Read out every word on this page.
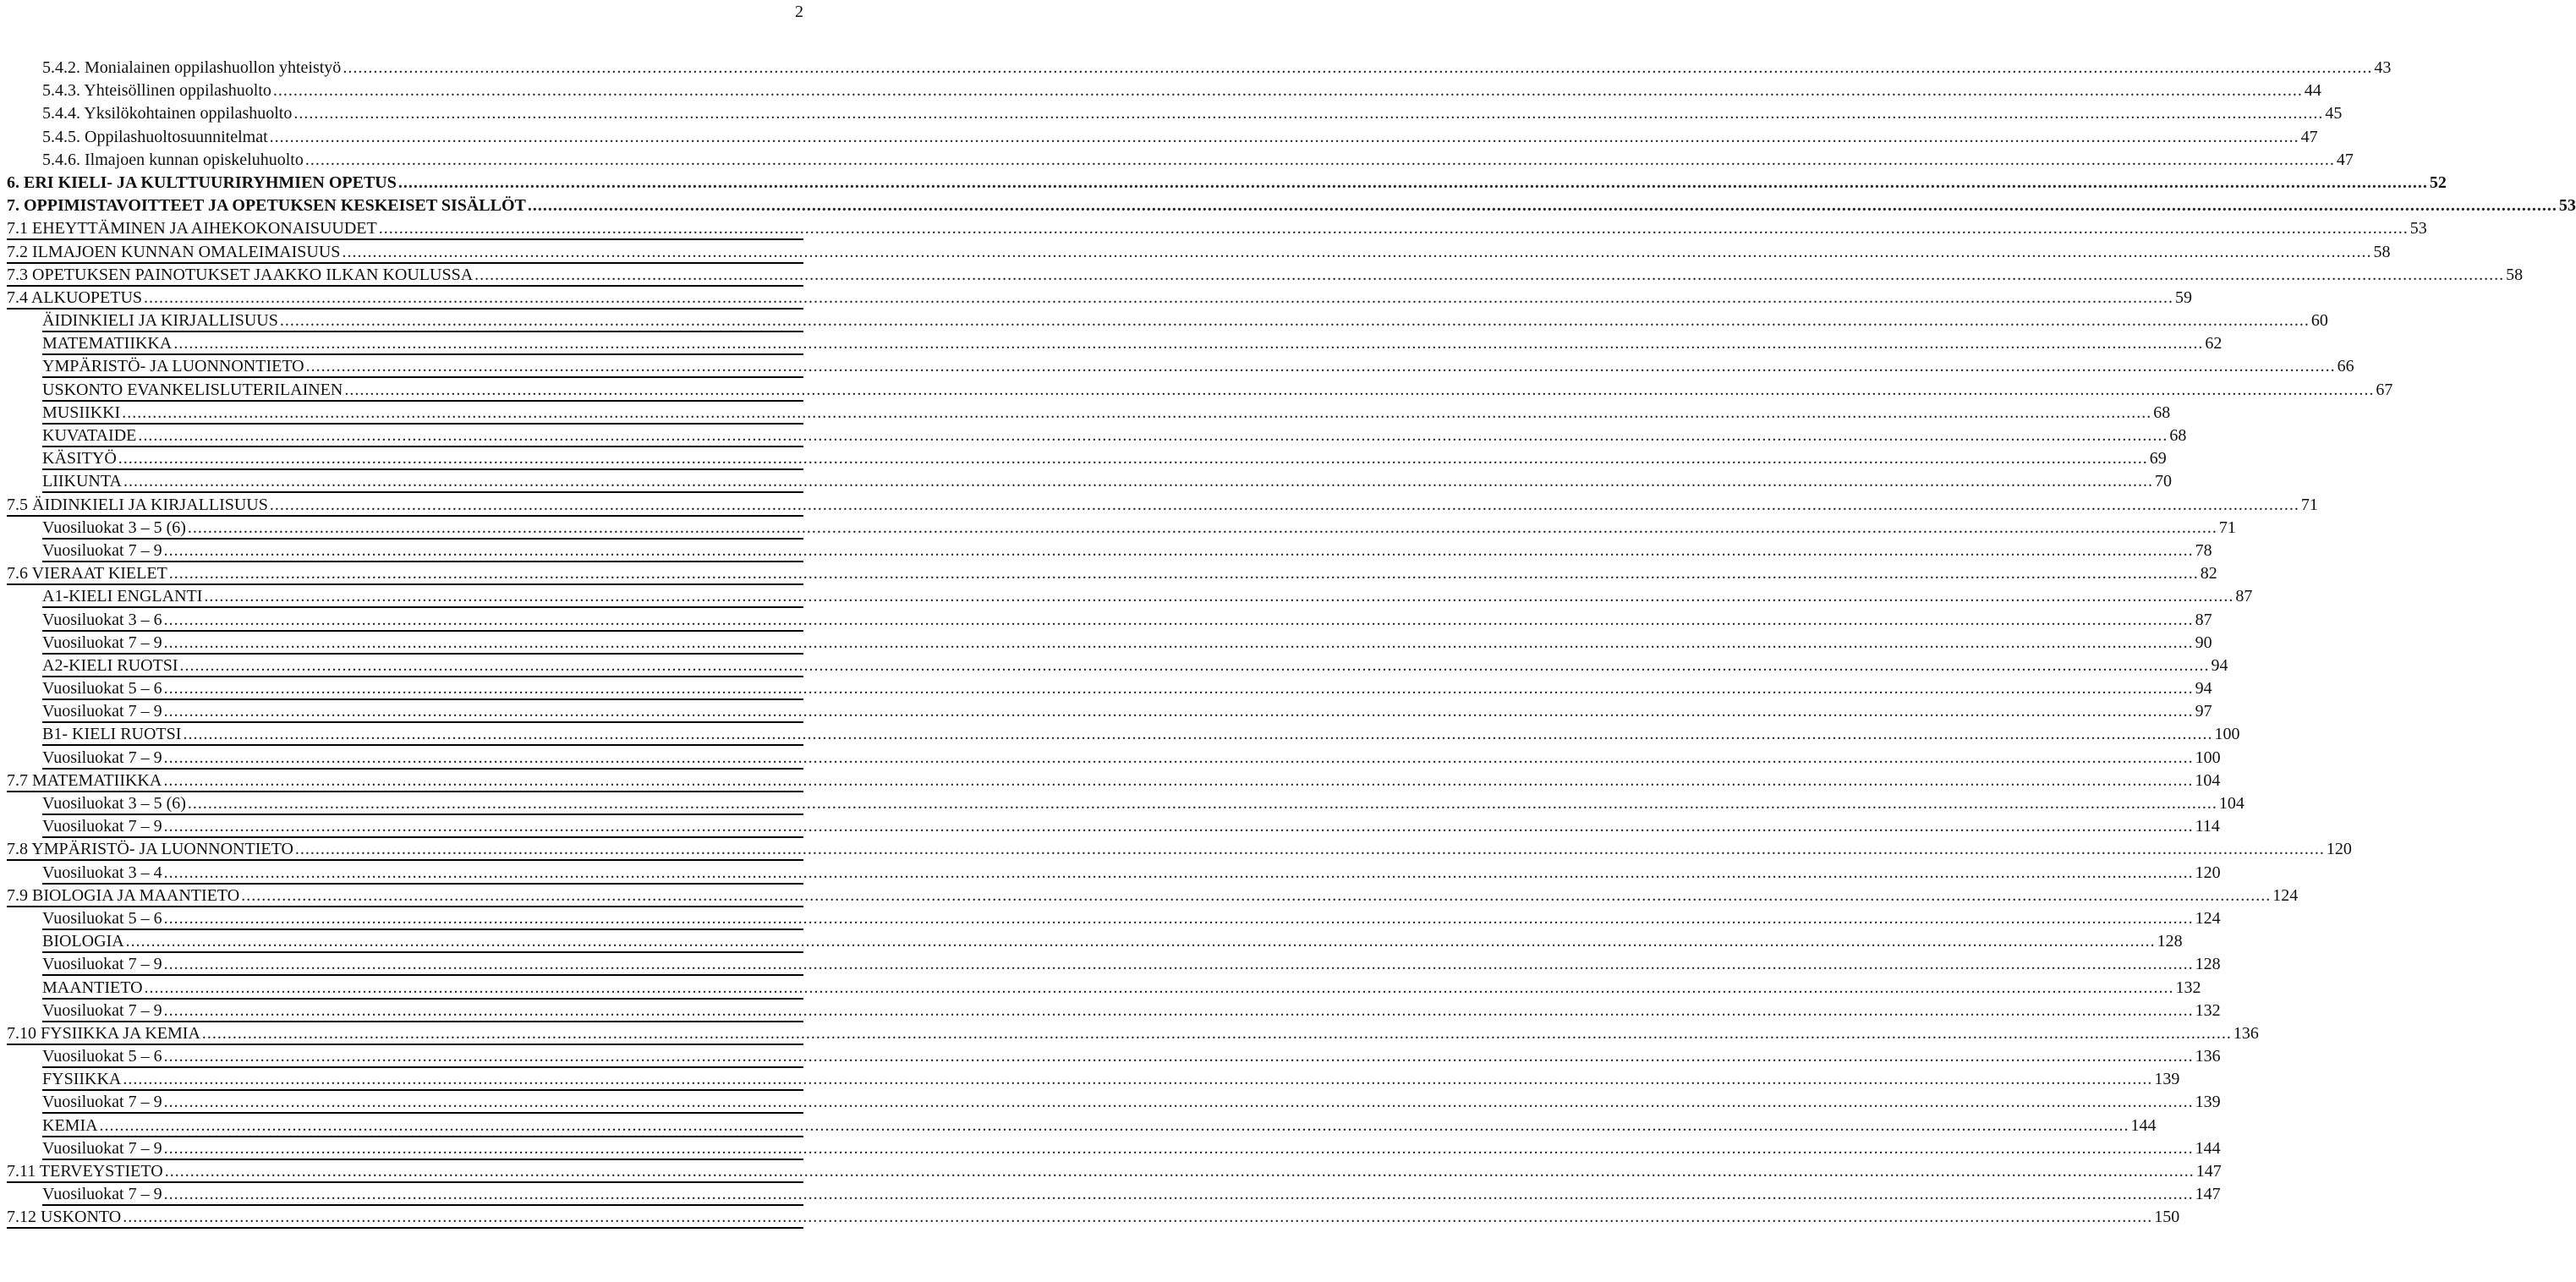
2
5.4.2. Monialainen oppilashuollon yhteistyö ................................................................................................................................................................................................................................................................................................................................................................................................................ 43
5.4.3. Yhteisöllinen oppilashuolto ................................................................................................................................................................................................................................................................................................................................................................................................................ 44
5.4.4. Yksilökohtainen oppilashuolto ................................................................................................................................................................................................................................................................................................................................................................................................................ 45
5.4.5. Oppilashuoltosuunnitelmat ................................................................................................................................................................................................................................................................................................................................................................................................................ 47
5.4.6. Ilmajoen kunnan opiskeluhuolto ................................................................................................................................................................................................................................................................................................................................................................................................................ 47
6. ERI KIELI- JA KULTTUURIRYHMIEN OPETUS ................................................................................................................................................................................................................................................................................................................................................................................................................ 52
7. OPPIMISTAVOITTEET JA OPETUKSEN KESKEISET SISÄLLÖT ................................................................................................................................................................................................................................................................................................................................................................................................................ 53
7.1 EHEYTTÄMINEN JA AIHEKOKONAISUUDET ................................................................................................................................................................................................................................................................................................................................................................................................................ 53
7.2 ILMAJOEN KUNNAN OMALEIMAISUUS ................................................................................................................................................................................................................................................................................................................................................................................................................ 58
7.3 OPETUKSEN PAINOTUKSET JAAKKO ILKAN KOULUSSA ................................................................................................................................................................................................................................................................................................................................................................................................................ 58
7.4 ALKUOPETUS ................................................................................................................................................................................................................................................................................................................................................................................................................ 59
ÄIDINKIELI JA KIRJALLISUUS ................................................................................................................................................................................................................................................................................................................................................................................................................ 60
MATEMATIIKKA ................................................................................................................................................................................................................................................................................................................................................................................................................ 62
YMPÄRISTÖ- JA LUONNONTIETO ................................................................................................................................................................................................................................................................................................................................................................................................................ 66
USKONTO EVANKELISLUTERILAINEN ................................................................................................................................................................................................................................................................................................................................................................................................................ 67
MUSIIKKI ................................................................................................................................................................................................................................................................................................................................................................................................................ 68
KUVATAIDE ................................................................................................................................................................................................................................................................................................................................................................................................................ 68
KÄSITYÖ ................................................................................................................................................................................................................................................................................................................................................................................................................ 69
LIIKUNTA ................................................................................................................................................................................................................................................................................................................................................................................................................ 70
7.5 ÄIDINKIELI JA KIRJALLISUUS ................................................................................................................................................................................................................................................................................................................................................................................................................ 71
Vuosiluokat 3 – 5 (6) ................................................................................................................................................................................................................................................................................................................................................................................................................ 71
Vuosiluokat 7 – 9 ................................................................................................................................................................................................................................................................................................................................................................................................................ 78
7.6 VIERAAT KIELET ................................................................................................................................................................................................................................................................................................................................................................................................................ 82
A1-KIELI ENGLANTI ................................................................................................................................................................................................................................................................................................................................................................................................................ 87
Vuosiluokat 3 – 6 ................................................................................................................................................................................................................................................................................................................................................................................................................ 87
Vuosiluokat 7 – 9 ................................................................................................................................................................................................................................................................................................................................................................................................................ 90
A2-KIELI RUOTSI ................................................................................................................................................................................................................................................................................................................................................................................................................ 94
Vuosiluokat 5 – 6 ................................................................................................................................................................................................................................................................................................................................................................................................................ 94
Vuosiluokat 7 – 9 ................................................................................................................................................................................................................................................................................................................................................................................................................ 97
B1- KIELI RUOTSI ................................................................................................................................................................................................................................................................................................................................................................................................................ 100
Vuosiluokat 7 – 9 ................................................................................................................................................................................................................................................................................................................................................................................................................ 100
7.7 MATEMATIIKKA ................................................................................................................................................................................................................................................................................................................................................................................................................ 104
Vuosiluokat 3 – 5 (6) ................................................................................................................................................................................................................................................................................................................................................................................................................ 104
Vuosiluokat 7 – 9 ................................................................................................................................................................................................................................................................................................................................................................................................................ 114
7.8 YMPÄRISTÖ- JA LUONNONTIETO ................................................................................................................................................................................................................................................................................................................................................................................................................ 120
Vuosiluokat 3 – 4 ................................................................................................................................................................................................................................................................................................................................................................................................................ 120
7.9 BIOLOGIA JA MAANTIETO ................................................................................................................................................................................................................................................................................................................................................................................................................ 124
Vuosiluokat 5 – 6 ................................................................................................................................................................................................................................................................................................................................................................................................................ 124
BIOLOGIA ................................................................................................................................................................................................................................................................................................................................................................................................................ 128
Vuosiluokat 7 – 9 ................................................................................................................................................................................................................................................................................................................................................................................................................ 128
MAANTIETO ................................................................................................................................................................................................................................................................................................................................................................................................................ 132
Vuosiluokat 7 – 9 ................................................................................................................................................................................................................................................................................................................................................................................................................ 132
7.10 FYSIIKKA JA KEMIA ................................................................................................................................................................................................................................................................................................................................................................................................................ 136
Vuosiluokat 5 – 6 ................................................................................................................................................................................................................................................................................................................................................................................................................ 136
FYSIIKKA ................................................................................................................................................................................................................................................................................................................................................................................................................ 139
Vuosiluokat 7 – 9 ................................................................................................................................................................................................................................................................................................................................................................................................................ 139
KEMIA ................................................................................................................................................................................................................................................................................................................................................................................................................ 144
Vuosiluokat 7 – 9 ................................................................................................................................................................................................................................................................................................................................................................................................................ 144
7.11 TERVEYSTIETO ................................................................................................................................................................................................................................................................................................................................................................................................................ 147
Vuosiluokat 7 – 9 ................................................................................................................................................................................................................................................................................................................................................................................................................ 147
7.12 USKONTO ................................................................................................................................................................................................................................................................................................................................................................................................................ 150
